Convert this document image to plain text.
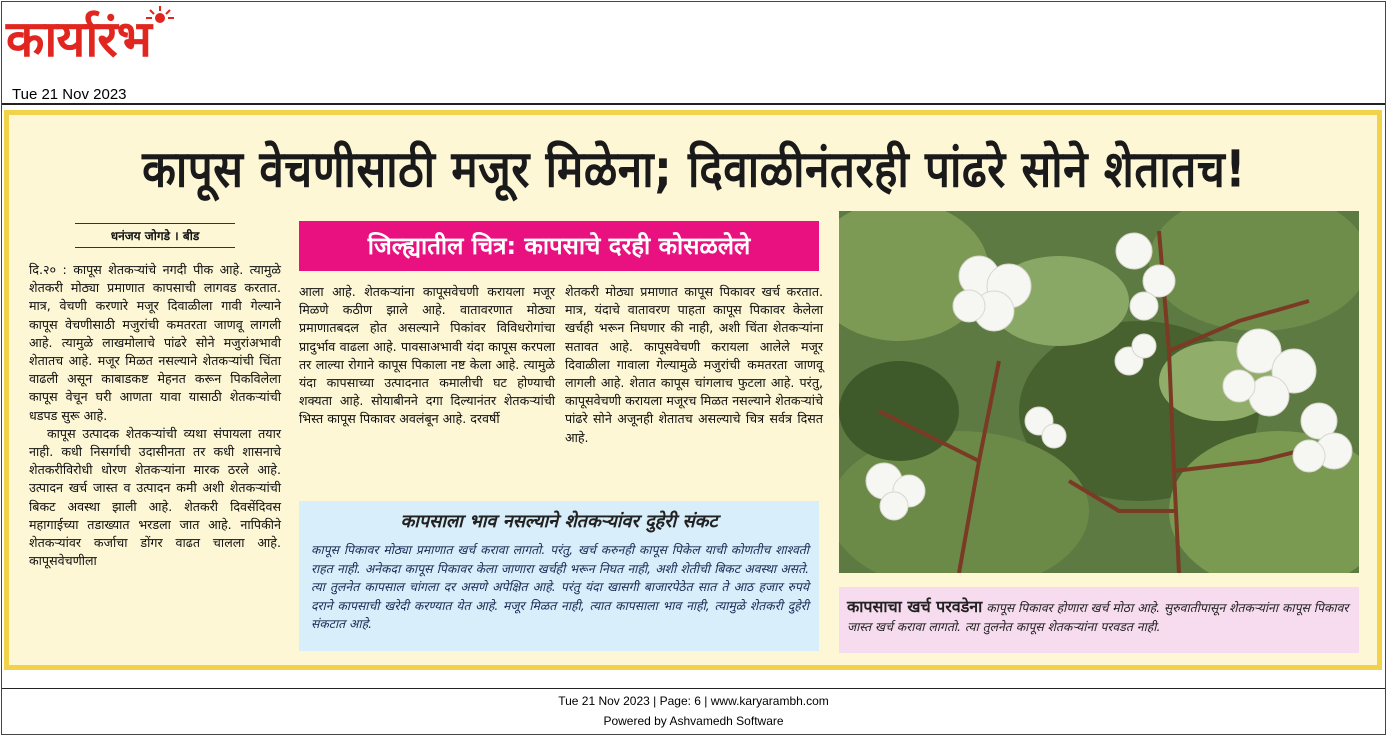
कार्यारंभ
Tue 21 Nov 2023
कापूस वेचणीसाठी मजूर मिळेना; दिवाळीनंतरही पांढरे सोने शेतातच!
धनंजय जोगडे । बीड

दि.२० : कापूस शेतकऱ्यांचे नगदी पीक आहे. त्यामुळे शेतकरी मोठ्या प्रमाणात कापसाची लागवड करतात. मात्र, वेचणी करणारे मजूर दिवाळीला गावी गेल्याने कापूस वेचणीसाठी मजुरांची कमतरता जाणवू लागली आहे. त्यामुळे लाखमोलाचे पांढरे सोने मजुरांअभावी शेतातच आहे. मजूर मिळत नसल्याने शेतकऱ्यांची चिंता वाढली असून काबाडकष्ट मेहनत करून पिकविलेला कापूस वेचून घरी आणता यावा यासाठी शेतकऱ्यांची धडपड सुरू आहे.

कापूस उत्पादक शेतकऱ्यांची व्यथा संपायला तयार नाही. कधी निसर्गाची उदासीनता तर कधी शासनाचे शेतकरीविरोधी धोरण शेतकऱ्यांना मारक ठरले आहे. उत्पादन खर्च जास्त व उत्पादन कमी अशी शेतकऱ्यांची बिकट अवस्था झाली आहे. शेतकरी दिवसेंदिवस महागाईच्या तडाख्यात भरडला जात आहे. नापिकीने शेतकऱ्यांवर कर्जाचा डोंगर वाढत चालला आहे. कापूसवेचणीला

जिल्ह्यातील चित्र: कापसाचे दरही कोसळलेले
आला आहे. शेतकऱ्यांना कापूसवेचणी करायला मजूर मिळणे कठीण झाले आहे. वातावरणात मोठ्या प्रमाणातबदल होत असल्याने पिकांवर विविधरोगांचा प्रादुर्भाव वाढला आहे. पावसाअभावी यंदा कापूस करपला तर लाल्या रोगाने कापूस पिकाला नष्ट केला आहे. त्यामुळे यंदा कापसाच्या उत्पादनात कमालीची घट होण्याची शक्यता आहे. सोयाबीनने दगा दिल्यानंतर शेतकऱ्यांची भिस्त कापूस पिकावर अवलंबून आहे. दरवर्षी
शेतकरी मोठ्या प्रमाणात कापूस पिकावर खर्च करतात. मात्र, यंदाचे वातावरण पाहता कापूस पिकावर केलेला खर्चही भरून निघणार की नाही, अशी चिंता शेतकऱ्यांना सतावत आहे. कापूसवेचणी करायला आलेले मजूर दिवाळीला गावाला गेल्यामुळे मजुरांची कमतरता जाणवू लागली आहे. शेतात कापूस चांगलाच फुटला आहे. परंतु, कापूसवेचणी करायला मजूरच मिळत नसल्याने शेतकऱ्यांचे पांढरे सोने अजूनही शेतातच असल्याचे चित्र सर्वत्र दिसत आहे.
कापसाला भाव नसल्याने शेतकऱ्यांवर दुहेरी संकट
कापूस पिकावर मोठ्या प्रमाणात खर्च करावा लागतो. परंतु, खर्च करुनही कापूस पिकेल याची कोणतीच शाश्वती राहत नाही. अनेकदा कापूस पिकावर केला जाणारा खर्चही भरून निघत नाही, अशी शेतीची बिकट अवस्था असते. त्या तुलनेत कापसाल चांगला दर असणे अपेक्षित आहे. परंतु यंदा खासगी बाजारपेठेत सात ते आठ हजार रुपये दराने कापसाची खरेदी करण्यात येत आहे. मजूर मिळत नाही, त्यात कापसाला भाव नाही, त्यामुळे शेतकरी दुहेरी संकटात आहे.
कापसाचा खर्च परवडेना कापूस पिकावर होणारा खर्च मोठा आहे. सुरुवातीपासून शेतकऱ्यांना कापूस पिकावर जास्त खर्च करावा लागतो. त्या तुलनेत कापूस शेतकऱ्यांना परवडत नाही.
Tue 21 Nov 2023 | Page: 6 | www.karyarambh.com
Powered by Ashvamedh Software
